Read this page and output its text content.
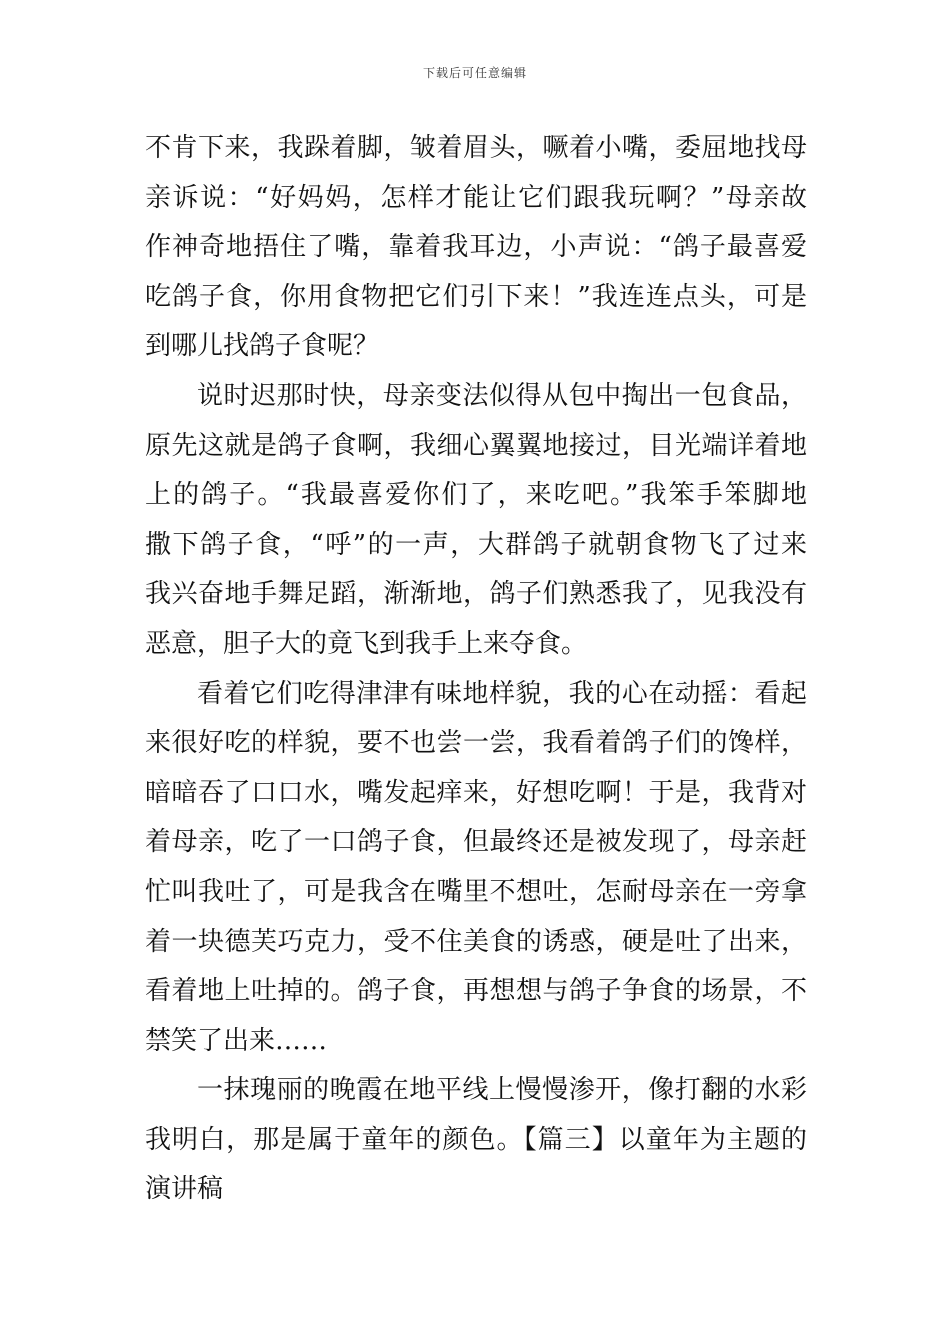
下载后可任意编辑
不肯下来，我跺着脚，皱着眉头，噘着小嘴，委屈地找母
亲诉说：“好妈妈，怎样才能让它们跟我玩啊？”母亲故
作神奇地捂住了嘴，靠着我耳边，小声说：“鸽子最喜爱
吃鸽子食，你用食物把它们引下来！”我连连点头，可是
到哪儿找鸽子食呢？
说时迟那时快，母亲变法似得从包中掏出一包食品，
原先这就是鸽子食啊，我细心翼翼地接过，目光端详着地
上的鸽子。“我最喜爱你们了，来吃吧。”我笨手笨脚地
撒下鸽子食，“呼”的一声，大群鸽子就朝食物飞了过来
我兴奋地手舞足蹈，渐渐地，鸽子们熟悉我了，见我没有
恶意，胆子大的竟飞到我手上来夺食。
看着它们吃得津津有味地样貌，我的心在动摇：看起
来很好吃的样貌，要不也尝一尝，我看着鸽子们的馋样，
暗暗吞了口口水，嘴发起痒来，好想吃啊！于是，我背对
着母亲，吃了一口鸽子食，但最终还是被发现了，母亲赶
忙叫我吐了，可是我含在嘴里不想吐，怎耐母亲在一旁拿
着一块德芙巧克力，受不住美食的诱惑，硬是吐了出来，
看着地上吐掉的。鸽子食，再想想与鸽子争食的场景，不
禁笑了出来……
一抹瑰丽的晚霞在地平线上慢慢渗开，像打翻的水彩
我明白，那是属于童年的颜色。【篇三】以童年为主题的
演讲稿
